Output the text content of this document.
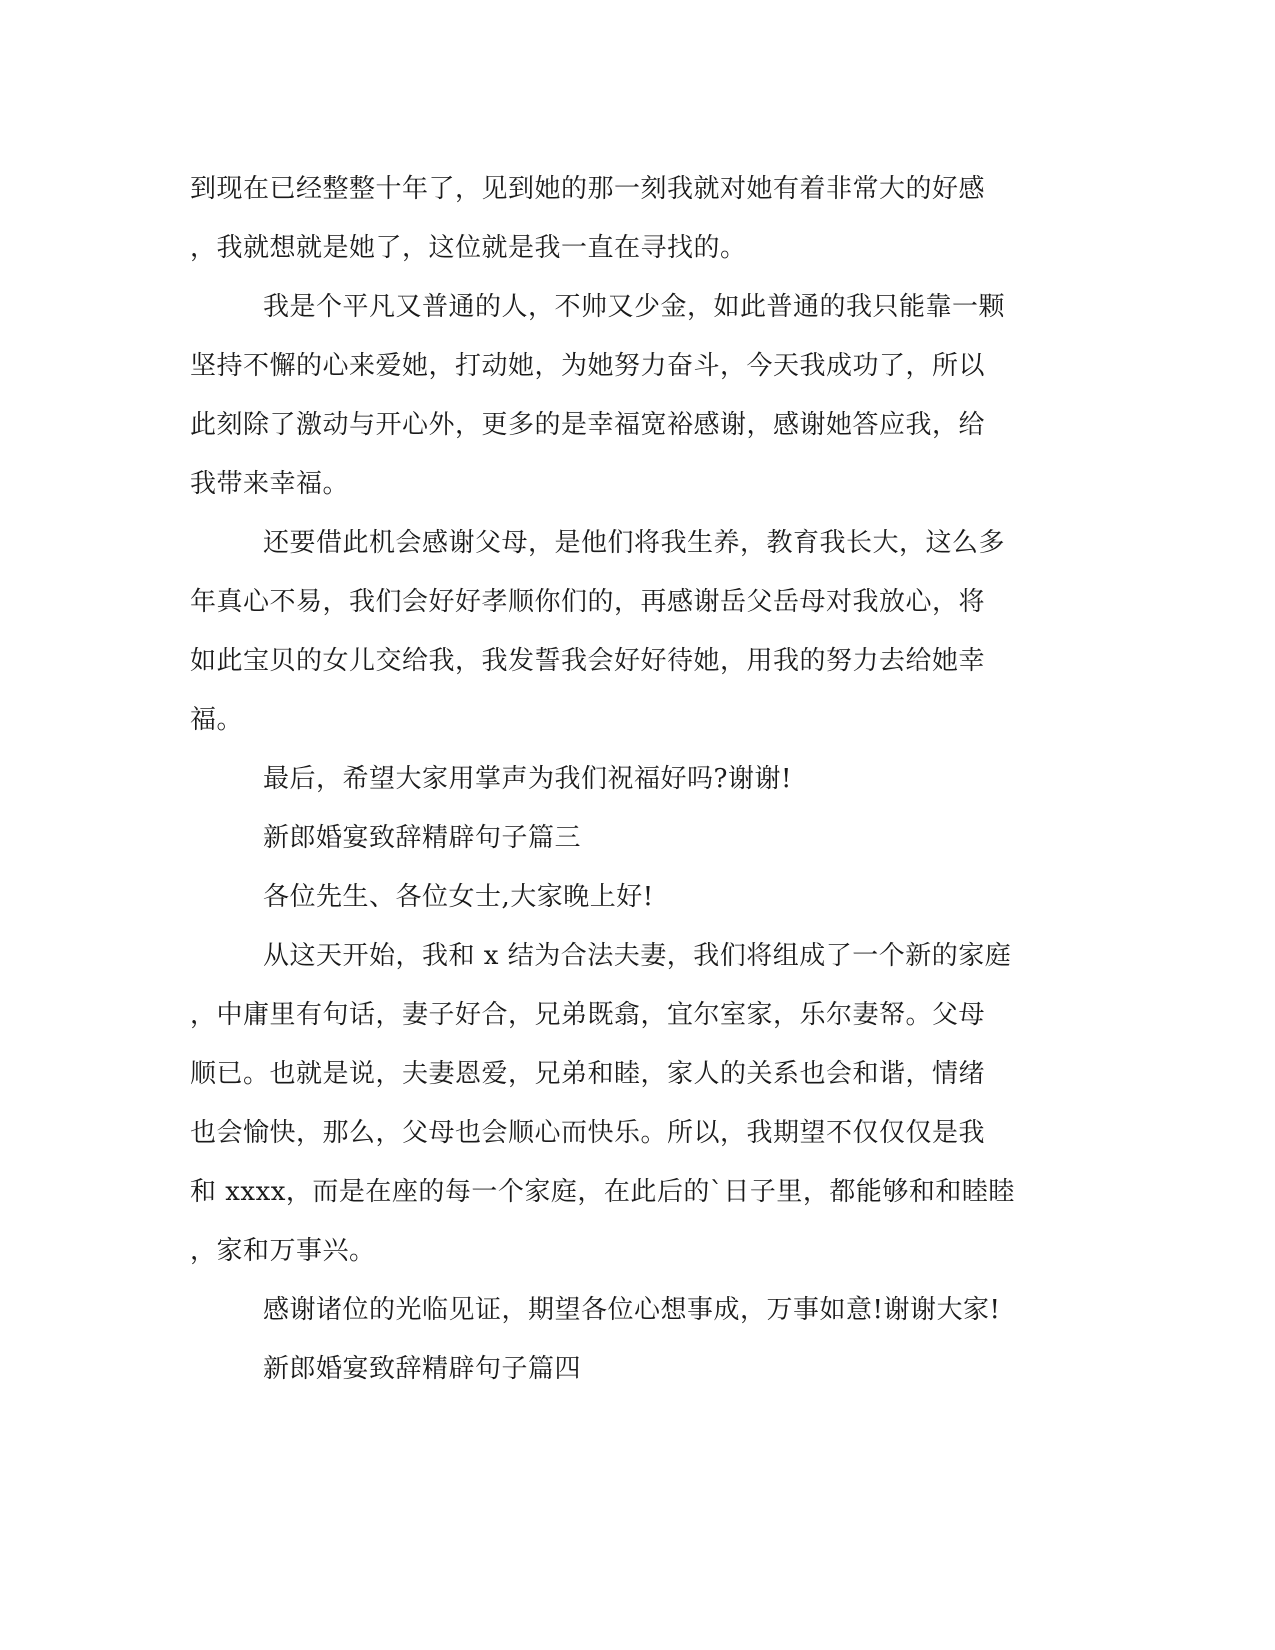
到现在已经整整十年了，见到她的那一刻我就对她有着非常大的好感
，我就想就是她了，这位就是我一直在寻找的。
我是个平凡又普通的人，不帅又少金，如此普通的我只能靠一颗
坚持不懈的心来爱她，打动她，为她努力奋斗，今天我成功了，所以
此刻除了激动与开心外，更多的是幸福宽裕感谢，感谢她答应我，给
我带来幸福。
还要借此机会感谢父母，是他们将我生养，教育我长大，这么多
年真心不易，我们会好好孝顺你们的，再感谢岳父岳母对我放心，将
如此宝贝的女儿交给我，我发誓我会好好待她，用我的努力去给她幸
福。
最后，希望大家用掌声为我们祝福好吗?谢谢!
新郎婚宴致辞精辟句子篇三
各位先生、各位女士,大家晚上好!
从这天开始，我和 x 结为合法夫妻，我们将组成了一个新的家庭
，中庸里有句话，妻子好合，兄弟既翕，宜尔室家，乐尔妻帑。父母
顺已。也就是说，夫妻恩爱，兄弟和睦，家人的关系也会和谐，情绪
也会愉快，那么，父母也会顺心而快乐。所以，我期望不仅仅仅是我
和 xxxx，而是在座的每一个家庭，在此后的`日子里，都能够和和睦睦
，家和万事兴。
感谢诸位的光临见证，期望各位心想事成，万事如意!谢谢大家!
新郎婚宴致辞精辟句子篇四
